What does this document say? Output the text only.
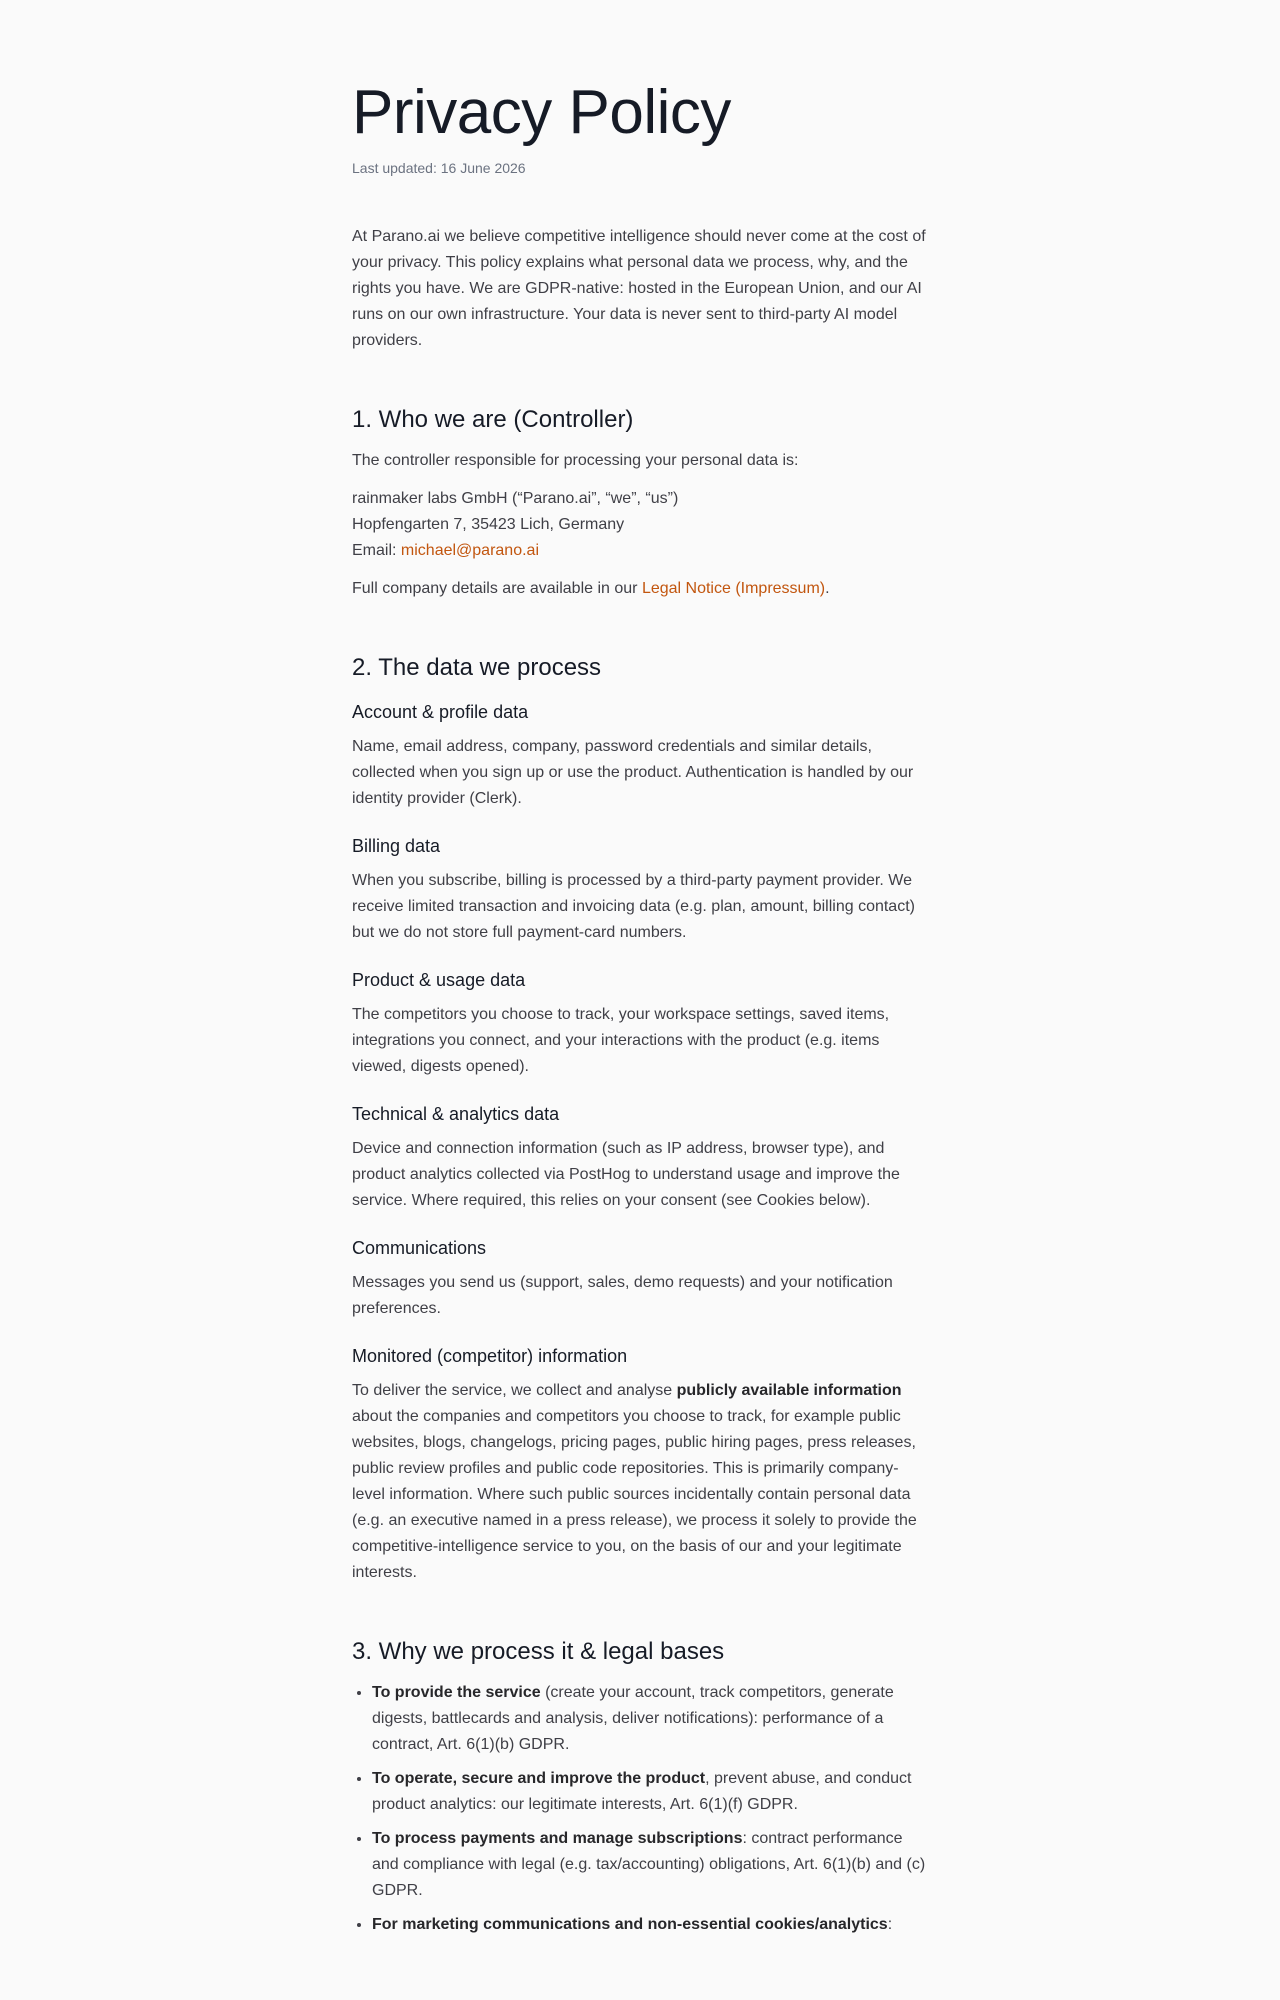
Privacy Policy
Last updated: 16 June 2026

At Parano.ai we believe competitive intelligence should never come at the cost of your privacy. This policy explains what personal data we process, why, and the rights you have. We are GDPR-native: hosted in the European Union, and our AI runs on our own infrastructure. Your data is never sent to third-party AI model providers.

1. Who we are (Controller)

The controller responsible for processing your personal data is:

rainmaker labs GmbH (“Parano.ai”, “we”, “us”)
Hopfengarten 7, 35423 Lich, Germany
Email: michael@parano.ai

Full company details are available in our Legal Notice (Impressum).

2. The data we process
Account & profile data

Name, email address, company, password credentials and similar details, collected when you sign up or use the product. Authentication is handled by our identity provider (Clerk).

Billing data

When you subscribe, billing is processed by a third-party payment provider. We receive limited transaction and invoicing data (e.g. plan, amount, billing contact) but we do not store full payment-card numbers.

Product & usage data

The competitors you choose to track, your workspace settings, saved items, integrations you connect, and your interactions with the product (e.g. items viewed, digests opened).

Technical & analytics data

Device and connection information (such as IP address, browser type), and product analytics collected via PostHog to understand usage and improve the service. Where required, this relies on your consent (see Cookies below).

Communications

Messages you send us (support, sales, demo requests) and your notification preferences.

Monitored (competitor) information

To deliver the service, we collect and analyse publicly available information about the companies and competitors you choose to track, for example public websites, blogs, changelogs, pricing pages, public hiring pages, press releases, public review profiles and public code repositories. This is primarily company-level information. Where such public sources incidentally contain personal data (e.g. an executive named in a press release), we process it solely to provide the competitive-intelligence service to you, on the basis of our and your legitimate interests.

3. Why we process it & legal bases
• To provide the service (create your account, track competitors, generate digests, battlecards and analysis, deliver notifications): performance of a contract, Art. 6(1)(b) GDPR.
• To operate, secure and improve the product, prevent abuse, and conduct product analytics: our legitimate interests, Art. 6(1)(f) GDPR.
• To process payments and manage subscriptions: contract performance and compliance with legal (e.g. tax/accounting) obligations, Art. 6(1)(b) and (c) GDPR.
• For marketing communications and non-essential cookies/analytics:
